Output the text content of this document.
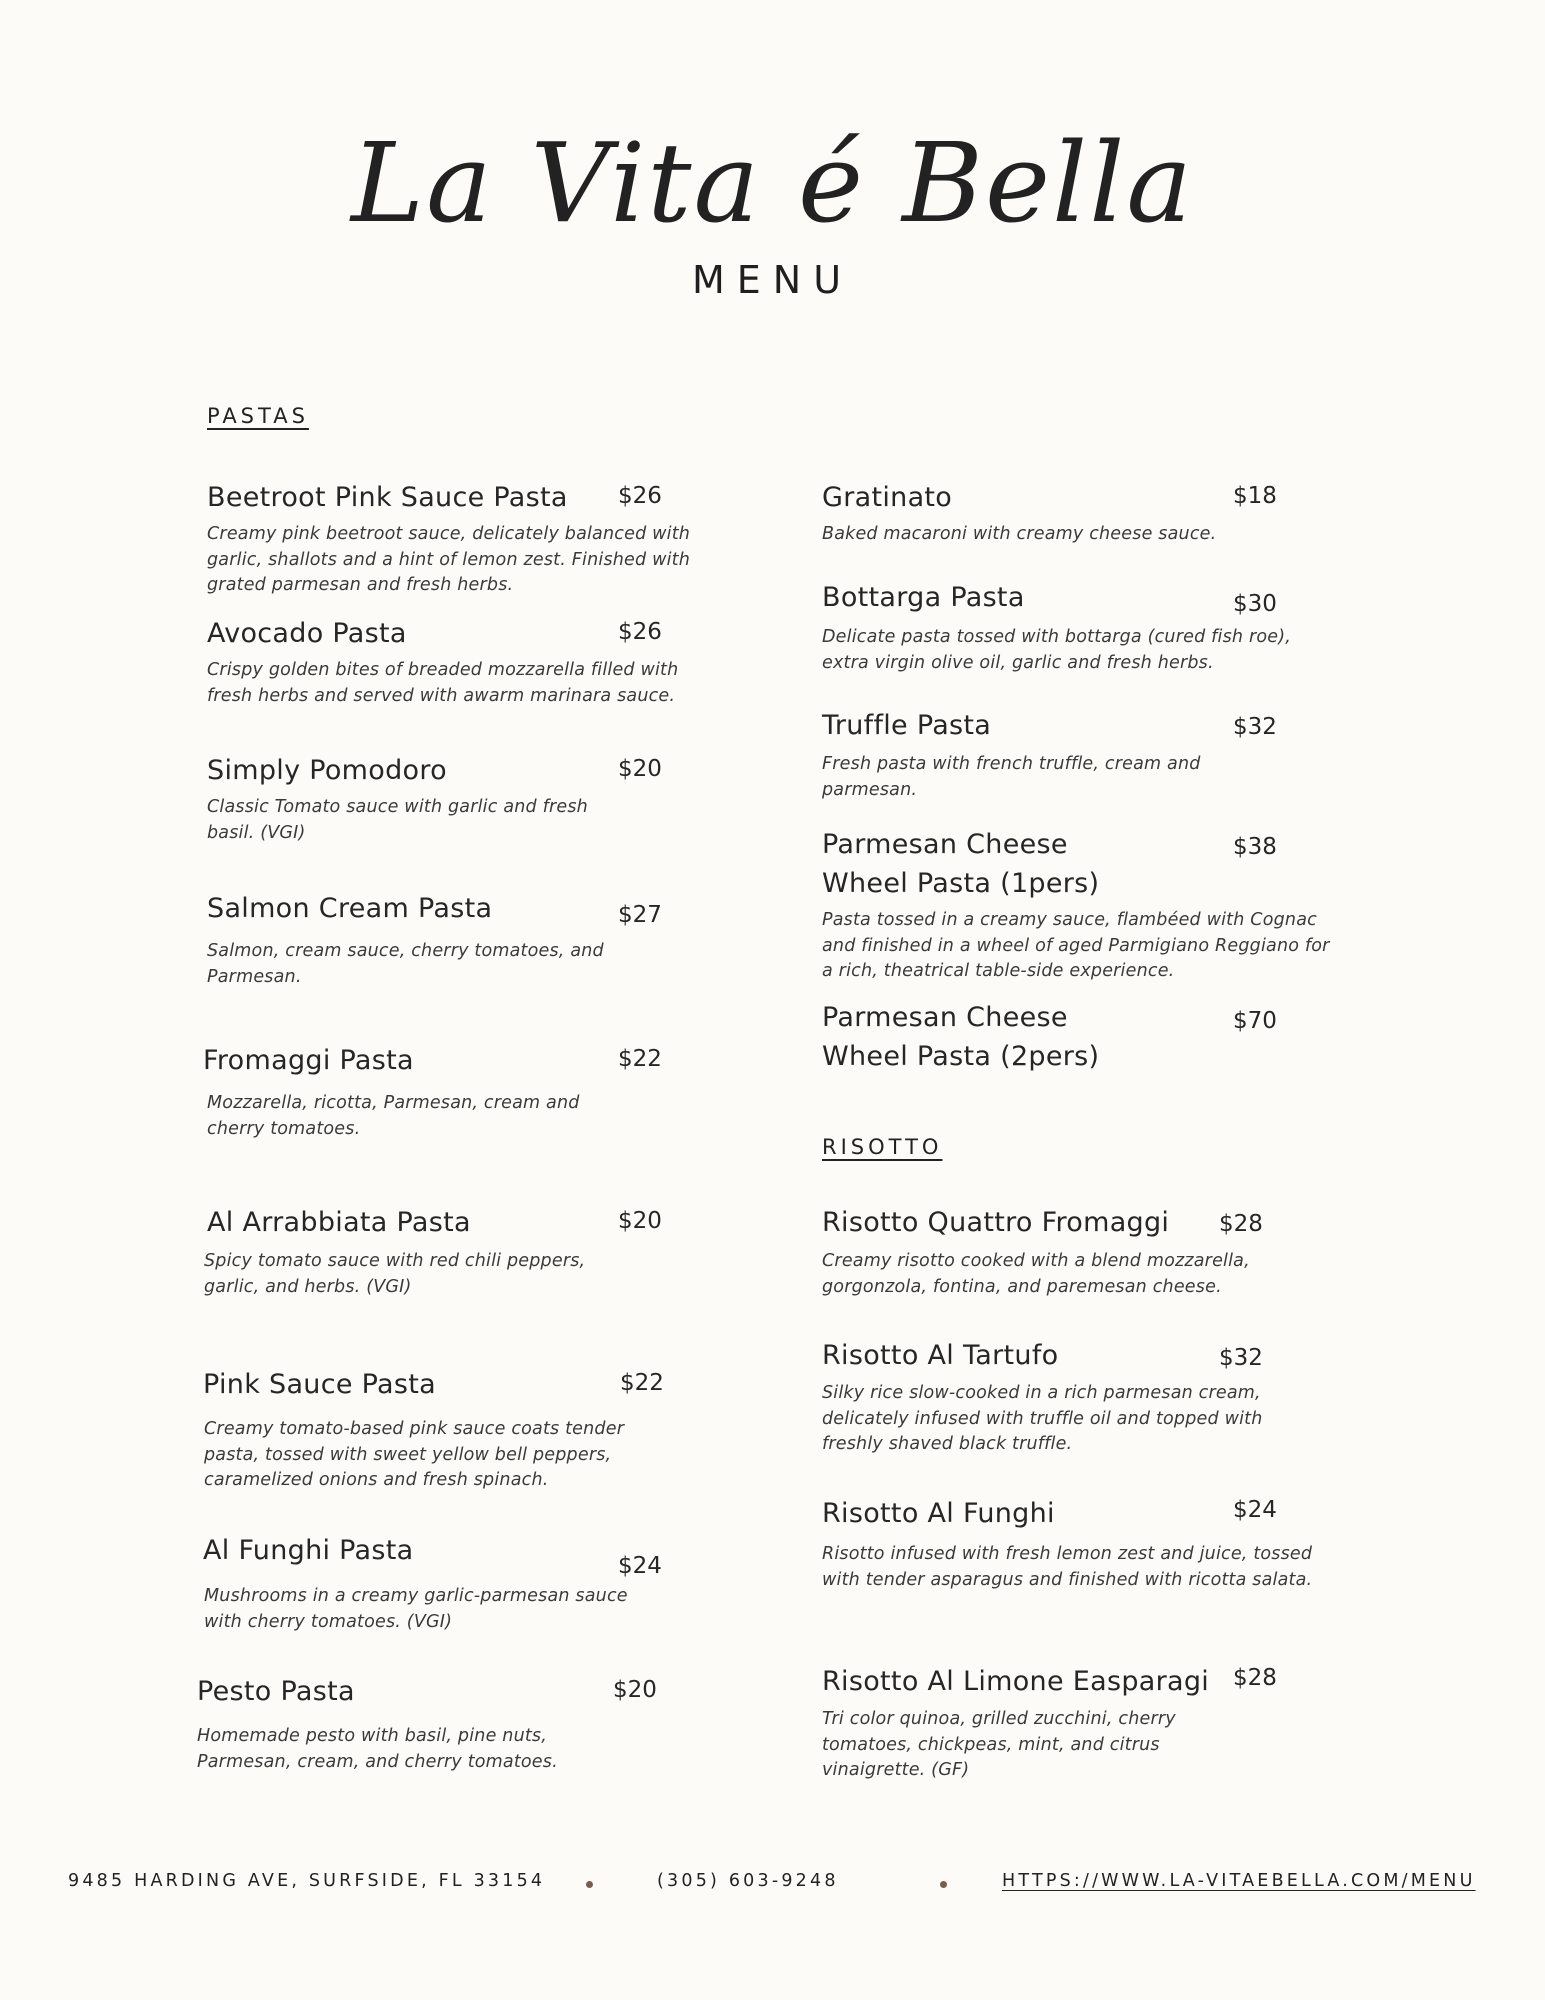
La Vita é Bella
MENU
PASTAS
Beetroot Pink Sauce Pasta	$26
Creamy pink beetroot sauce, delicately balanced with garlic, shallots and a hint of lemon zest. Finished with grated parmesan and fresh herbs.
Avocado Pasta	$26
Crispy golden bites of breaded mozzarella filled with fresh herbs and served with awarm marinara sauce.
Simply Pomodoro	$20
Classic Tomato sauce with garlic and fresh basil. (VGI)
Salmon Cream Pasta	$27
Salmon, cream sauce, cherry tomatoes, and Parmesan.
Fromaggi Pasta	$22
Mozzarella, ricotta, Parmesan, cream and cherry tomatoes.
Al Arrabbiata Pasta	$20
Spicy tomato sauce with red chili peppers, garlic, and herbs. (VGI)
Pink Sauce Pasta	$22
Creamy tomato-based pink sauce coats tender pasta, tossed with sweet yellow bell peppers, caramelized onions and fresh spinach.
Al Funghi Pasta	$24
Mushrooms in a creamy garlic-parmesan sauce with cherry tomatoes. (VGI)
Pesto Pasta	$20
Homemade pesto with basil, pine nuts, Parmesan, cream, and cherry tomatoes.
Gratinato	$18
Baked macaroni with creamy cheese sauce.
Bottarga Pasta	$30
Delicate pasta tossed with bottarga (cured fish roe), extra virgin olive oil, garlic and fresh herbs.
Truffle Pasta	$32
Fresh pasta with french truffle, cream and parmesan.
Parmesan Cheese Wheel Pasta (1pers)
$38
Pasta tossed in a creamy sauce, flambéed with Cognac and finished in a wheel of aged Parmigiano Reggiano for a rich, theatrical table-side experience.
Parmesan Cheese Wheel Pasta (2pers)
$70
RISOTTO
Risotto Quattro Fromaggi	$28
Creamy risotto cooked with a blend mozzarella, gorgonzola, fontina, and paremesan cheese.
Risotto Al Tartufo	$32
Silky rice slow-cooked in a rich parmesan cream, delicately infused with truffle oil and topped with freshly shaved black truffle.
Risotto Al Funghi	$24
Risotto infused with fresh lemon zest and juice, tossed with tender asparagus and finished with ricotta salata.
Risotto Al Limone Easparagi	$28
Tri color quinoa, grilled zucchini, cherry tomatoes, chickpeas, mint, and citrus vinaigrette. (GF)
9485 HARDING AVE, SURFSIDE, FL 33154	(305) 603-9248	HTTPS://WWW.LA-VITAEBELLA.COM/MENU
